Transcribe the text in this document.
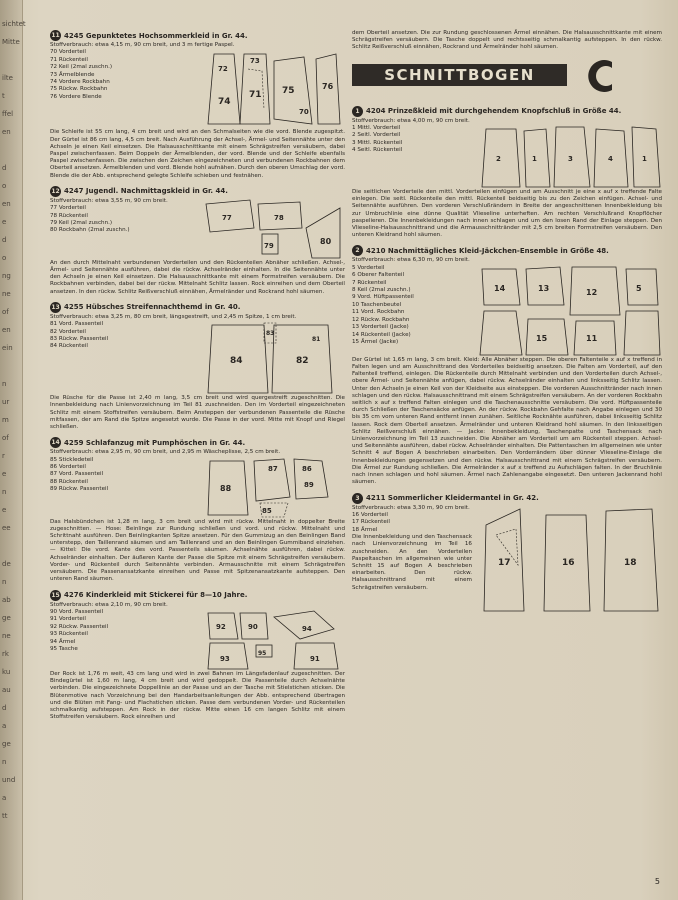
sichtet
Mitte
ilte
t
ffel
en
d
o
en
e
d
o
ng
ne
of
en
ein
n
ur
m
of
r
e
n
e
ee
de
n
ab
ge
ne
rk
ku
au
d
a
ge
n
und
a
tt
11 4245 Gepunktetes Hochsommerkleid in Gr. 44.
Stoffverbrauch: etwa 4,15 m, 90 cm breit, und 3 m fertige Paspel.
70 Vorderteil
71 Rückenteil
72 Keil (2mal zuschn.)
73 Ärmelblende
74 Vordere Rockbahn
75 Rückw. Rockbahn
76 Vordere Blende
72
73
71 75
74
70
76
Die Schleife ist 55 cm lang, 4 cm breit und wird an den Schmalseiten wie die vord. Blende zugespitzt. Der Gürtel ist 86 cm lang, 4,5 cm breit. Nach Ausführung der Achsel-, Ärmel- und Seitennähte unter den Achseln je einen Keil einsetzen. Die Halsausschnittkante mit einem Schrägstreifen versäubern, dabei Paspel zwischenfassen. Beim Doppeln der Ärmelblenden, der vord. Blende und der Schleife ebenfalls Paspel zwischenfassen. Die zwischen den Zeichen eingezeichneten und verbundenen Rockbahnen dem Oberteil ansetzen. Ärmelblenden und vord. Blende hohl aufnähen. Durch den oberen Umschlag der vord. Blende die der Abb. entsprechend gelegte Schleife schieben und festnähen.
12 4247 Jugendl. Nachmittagskleid in Gr. 44.
Stoffverbrauch: etwa 3,55 m, 90 cm breit.
77 Vorderteil
78 Rückenteil
79 Keil (2mal zuschn.)
80 Rockbahn (2mal zuschn.)
77	78
79	80
An den durch Mittelnaht verbundenen Vorderteilen und den Rückenteilen Abnäher schließen. Achsel-, Ärmel- und Seitennähte ausführen, dabei die rückw. Achselränder einhalten. In die Seitennähte unter den Achseln je einen Keil einsetzen. Die Halsausschnittkante mit einem Formstreifen versäubern. Die Rockbahnen verbinden, dabei bei der rückw. Mittelnaht Schlitz lassen. Rock einreihen und dem Oberteil ansetzen. In den rückw. Schlitz Reißverschluß einnähen, Ärmelränder und Rockrand hohl säumen.
13 4255 Hübsches Streifennachthemd in Gr. 40.
Stoffverbrauch: etwa 3,25 m, 80 cm breit, längsgestreift, und 2,45 m Spitze, 1 cm breit.
81 Vord. Passenteil
82 Vorderteil
83 Rückw. Passenteil
84 Rückenteil
84
83
81
82
Die Rüsche für die Passe ist 2,40 m lang, 3,5 cm breit und wird quergestreift zugeschnitten. Die Innenbekleidung nach Linienvorzeichnung im Teil 81 zuschneiden. Den im Vorderteil eingezeichneten Schlitz mit einem Stoffstreifen versäubern. Beim Ansteppen der verbundenen Passenteile die Rüsche mitfassen, der am Rand die Spitze angesetzt wurde. Die Passe in der vord. Mitte mit Knopf und Riegel schließen.
14 4259 Schlafanzug mit Pumphöschen in Gr. 44.
Stoffverbrauch: etwa 2,95 m, 90 cm breit, und 2,95 m Wäscheplisse, 2,5 cm breit.
85 Stickledeteil
86 Vorderteil
87 Vord. Passenteil
88 Rückenteil
89 Rückw. Passenteil
87	86
89
85
88
Das Halsbündchen ist 1,28 m lang, 3 cm breit und wird mit rückw. Mittelnaht in doppelter Breite zugeschnitten. — Hose: Beinlinge zur Rundung schließen und vord. und rückw. Mittelnaht und Schrittnaht ausführen. Den Beinlingkanten Spitze ansetzen. Für den Gummizug an den Beinlingen Band unterstepp, den Taillenrand säumen und am Taillenrand und an den Beinlingen Gummiband einziehen. — Kittel: Die vord. Kante des vord. Passenteils säumen. Achselnähte ausführen, dabei rückw. Achselränder einhalten. Der äußeren Kante der Passe die Spitze mit einem Schrägstreifen versäubern. Vorder- und Rückenteil durch Seitennähte verbinden. Armausschnitte mit einem Schrägstreifen versäubern. Die Passenansatzkante einreihen und Passe mit Spitzenansatzkante aufsteppen. Den unteren Rand säumen.
15 4276 Kinderkleid mit Stickerei für 8—10 Jahre.
Stoffverbrauch: etwa 2,10 m, 90 cm breit.
90 Vord. Passenteil
91 Vorderteil
92 Rückw. Passenteil
93 Rückenteil
94 Ärmel
95 Tasche
92	90	94
93
95
91
Der Rock ist 1,76 m weit, 43 cm lang und wird in zwei Bahnen im Längsfadenlauf zugeschnitten. Der Bindegürtel ist 1,60 m lang, 4 cm breit und wird gedoppelt. Die Passenteile durch Achselnähte verbinden. Die eingezeichnete Doppellinie an der Passe und an der Tasche mit Stielstichen sticken. Die Blütenmotive nach Vorzeichnung bei den Handarbeitsanleitungen der Abb. entsprechend übertragen und die Blüten mit Fang- und Flachstichen sticken. Passe dem verbundenen Vorder- und Rückenteilen schmalkantig aufsteppen. Am Rock in der rückw. Mitte einen 16 cm langen Schlitz mit einem Stoffstreifen versäubern. Rock einreihen und
dem Oberteil ansetzen. Die zur Rundung geschlossenen Ärmel einnähen. Die Halsausschnittkante mit einem Schrägstreifen versäubern. Die Tasche doppelt und rechtsseitig schmalkantig aufsteppen. In den rückw. Schlitz Reißverschluß einnähen, Rockrand und Ärmelränder hohl säumen.
SCHNITTBOGEN
1 4204 Prinzeßkleid mit durchgehendem Knopfschluß in Größe 44.
Stoffverbrauch: etwa 4,00 m, 90 cm breit.
1 Mittl. Vorderteil
2 Seitl. Vorderteil
3 Mittl. Rückenteil
4 Seitl. Rückenteil
2	1	3	4	1
Die seitlichen Vorderteile den mittl. Vorderteilen einfügen und am Ausschnitt je eine x auf x treffende Falte einlegen. Die seitl. Rückenteile den mittl. Rückenteil beidseitig bis zu den Zeichen einfügen. Achsel- und Seitennähte ausführen. Den vorderen Verschlußrändern in Breite der angeschnittenen Innenbekleidung bis zur Umbruchlinie eine dünne Qualität Vlieseline unterheften. Am rechten Verschlußrand Knopflöcher paspelieren. Die Innenbekleidungen nach innen schlagen und um den losen Rand der Einlage steppen. Den Vlieseline-Halsausschnittrand und die Armausschnittränder mit 2,5 cm breiten Formstreifen versäubern. Den unteren Kleidrand hohl säumen.
2 4210 Nachmittägliches Kleid-Jäckchen-Ensemble in Größe 48.
Stoffverbrauch: etwa 6,30 m, 90 cm breit.
5 Vorderteil
6 Oberer Faltenteil
7 Rückenteil
8 Keil (2mal zuschn.)
9 Vord. Hüftpassenteil
10 Taschenbeutel
11 Vord. Rockbahn
12 Rückw. Rockbahn
13 Vorderteil (Jacke)
14 Rückenteil (Jacke)
15 Ärmel (Jacke)
14	13	12	5
11
15
Der Gürtel ist 1,65 m lang, 3 cm breit. Kleid: Alle Abnäher steppen. Die oberen Faltenteile x auf x treffend in Falten legen und am Ausschnittrand des Vorderteiles beidseitig ansetzen. Die Falten am Vorderteil, auf den Faltenteil treffend, einlegen. Die Rückenteile durch Mittelnaht verbinden und den Vorderteilen durch Achsel-, obere Ärmel- und Seitennähte anfügen, dabei rückw. Achselränder einhalten und linksseitig Schlitz lassen. Unter den Achseln je einen Keil von der Kleidseite aus einsteppen. Die vorderen Ausschnittränder nach innen schlagen und den rückw. Halsausschnittrand mit einem Schrägstreifen versäubern. An der vorderen Rockbahn seitlich x auf x treffend Falten einlegen und die Taschenausschnitte versäubern. Die vord. Hüftpassenteile durch Schließen der Taschensäcke anfügen. An der rückw. Rockbahn Gehfalte nach Angabe einlegen und 30 bis 35 cm vom unteren Rand entfernt innen zunähen. Seitliche Rocknähte ausführen, dabei linksseitig Schlitz lassen. Rock dem Oberteil ansetzen. Ärmelränder und unteren Kleidrand hohl säumen. In den linksseitigen Schlitz Reißverschluß einnähen. — Jacke: Innenbekleidung, Taschenpatte und Taschensack nach Linienvorzeichnung im Teil 13 zuschneiden. Die Abnäher am Vorderteil um am Rückenteil steppen. Achsel- und Seitennähte ausführen, dabei rückw. Achselränder einhalten. Die Pattentaschen im allgemeinen wie unter Schnitt 4 auf Bogen A beschrieben einarbeiten. Den Vorderrändern über dünner Vlieseline-Einlage die Innenbekleidungen gegensetzen und den rückw. Halsausschnittrand mit einem Schrägstreifen versäubern. Die Ärmel zur Rundung schließen. Die Armelränder x auf x treffend zu Aufschlägen falten. In der Bruchlinie nach innen schlagen und hohl säumen. Ärmel nach Zahlenangabe eingesetzt. Den unteren Jackenrand hohl säumen.
3 4211 Sommerlicher Kleidermantel in Gr. 42.
Stoffverbrauch: etwa 3,30 m, 90 cm breit.
16 Vorderteil
17 Rückenteil
18 Ärmel
Die Innenbekleidung und den Taschensack nach Linienvorzeichnung im Teil 16 zuschneiden. An den Vorderteilen Paspeltaschen im allgemeinen wie unter Schnitt 15 auf Bogen A beschrieben einarbeiten. Den rückw. Halsausschnittrand mit einem Schrägstreifen versäubern.
17	16	18
5
